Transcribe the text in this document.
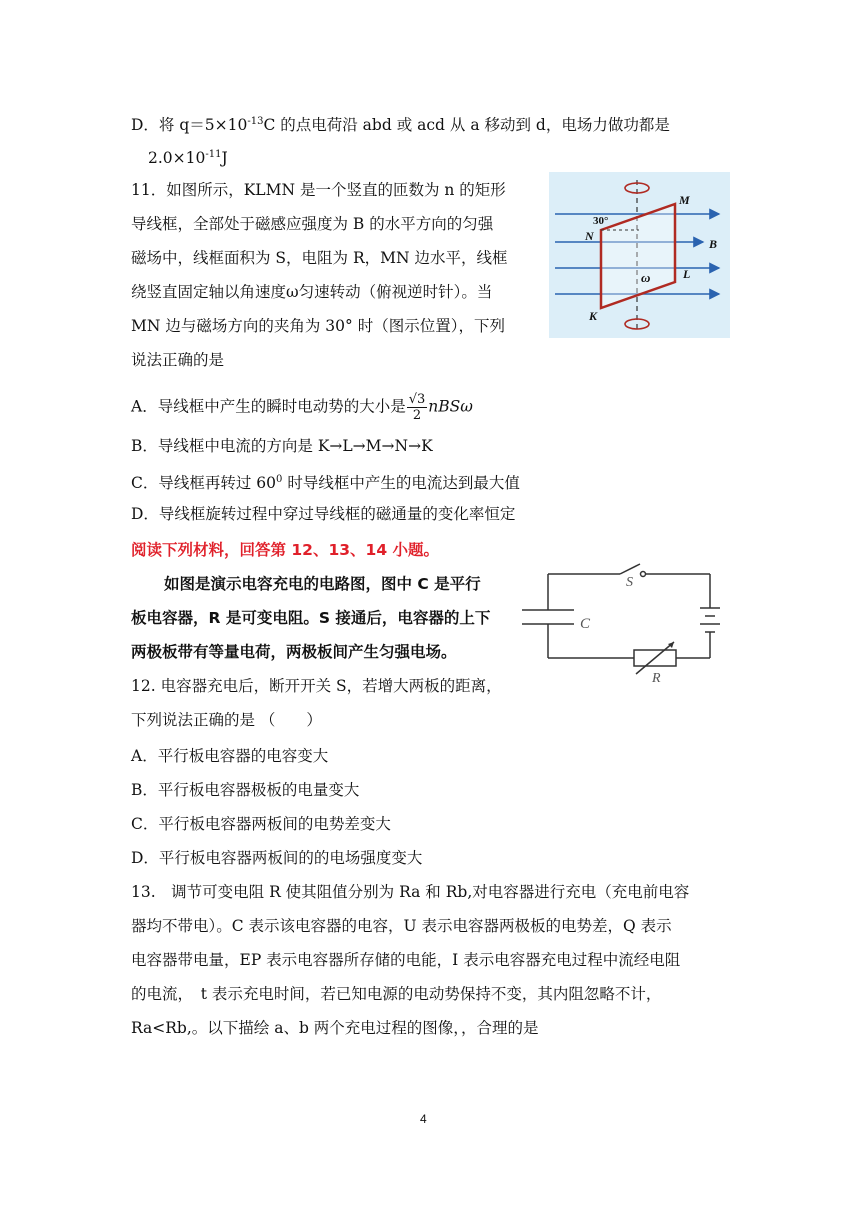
D．将 $q=5\times 10^{-13}C$ 的点电荷沿 abd 或 acd 从 a 移动到 d，电场力做功都是
$2.0\times 10^{-11}J$
11．如图所示，KLMN 是一个竖直的匝数为 n 的矩形
导线框，全部处于磁感应强度为 B 的水平方向的匀强
磁场中，线框面积为 S，电阻为 R，MN 边水平，线框
绕竖直固定轴以角速度ω匀速转动（俯视逆时针）。当
MN 边与磁场方向的夹角为 30° 时（图示位置），下列
说法正确的是
30°
M
N
B
L
ω
K
A．导线框中产生的瞬时电动势的大小是 $\frac{√3}{2}$ nBSω
B．导线框中电流的方向是 K→L→M→N→K
C．导线框再转过 $60^0$ 时导线框中产生的电流达到最大值
D．导线框旋转过程中穿过导线框的磁通量的变化率恒定
阅读下列材料，回答第 12、13、14 小题。
如图是演示电容充电的电路图，图中 C 是平行
板电容器，R 是可变电阻。S 接通后，电容器的上下
两极板带有等量电荷，两极板间产生匀强电场。
S
C
R
12. 电容器充电后，断开开关 S，若增大两板的距离，
下列说法正确的是 （　　）
A．平行板电容器的电容变大
B．平行板电容器极板的电量变大
C．平行板电容器两板间的电势差变大
D．平行板电容器两板间的的电场强度变大
13.　调节可变电阻 R 使其阻值分别为 Ra 和 Rb,对电容器进行充电（充电前电容
器均不带电）。C 表示该电容器的电容，U 表示电容器两极板的电势差，Q 表示
电容器带电量，EP 表示电容器所存储的电能，I 表示电容器充电过程中流经电阻
的电流，　t 表示充电时间，若已知电源的电动势保持不变，其内阻忽略不计，
Ra<Rb,。以下描绘 a、b 两个充电过程的图像，，合理的是
4
